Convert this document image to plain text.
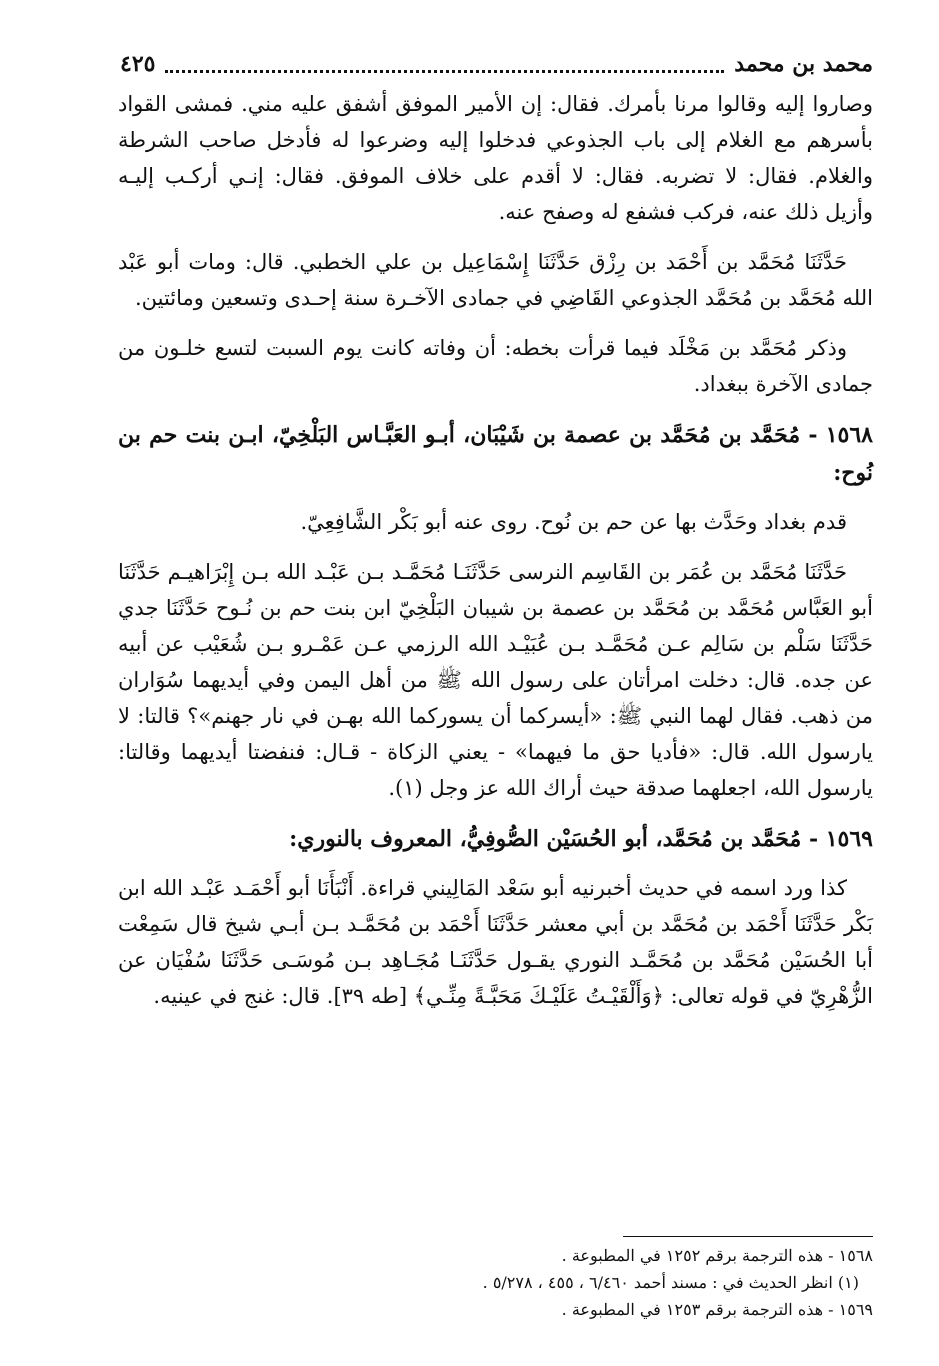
محمد بن محمد
٤٢٥

وصاروا إليه وقالوا مرنا بأمرك. فقال: إن الأمير الموفق أشفق عليه مني. فمشى القواد بأسرهم مع الغلام إلى باب الجذوعي فدخلوا إليه وضرعوا له فأدخل صاحب الشرطة والغلام. فقال: لا تضربه. فقال: لا أقدم على خلاف الموفق. فقال: إنـي أركـب إليـه وأزيل ذلك عنه، فركب فشفع له وصفح عنه.

حَدَّثَنَا مُحَمَّد بن أَحْمَد بن رِزْق حَدَّثَنَا إِسْمَاعِيل بن علي الخطبي. قال: ومات أبو عَبْد الله مُحَمَّد بن مُحَمَّد الجذوعي القَاضِي في جمادى الآخـرة سنة إحـدى وتسعين ومائتين.

وذكر مُحَمَّد بن مَخْلَد فيما قرأت بخطه: أن وفاته كانت يوم السبت لتسع خلـون من جمادى الآخرة ببغداد.

١٥٦٨ - مُحَمَّد بن مُحَمَّد بن عصمة بن شَيْبَان، أبـو العَبَّـاس البَلْخِيّ، ابـن بنت حم بن نُوح:

قدم بغداد وحَدَّث بها عن حم بن نُوح. روى عنه أبو بَكْر الشَّافِعِيّ.

حَدَّثَنَا مُحَمَّد بن عُمَر بن القَاسِم النرسى حَدَّثَنَـا مُحَمَّـد بـن عَبْـد الله بـن إِبْرَاهيـم حَدَّثَنَا أبو العَبَّاس مُحَمَّد بن مُحَمَّد بن عصمة بن شيبان البَلْخِيّ ابن بنت حم بن نُـوح حَدَّثَنَا جدي حَدَّثَنَا سَلْم بن سَالِم عـن مُحَمَّـد بـن عُبَيْـد الله الرزمي عـن عَمْـرو بـن شُعَيْب عن أبيه عن جده. قال: دخلت امرأتان على رسول الله ﷺ من أهل اليمن وفي أيديهما سُوَاران من ذهب. فقال لهما النبي ﷺ: «أيسركما أن يسوركما الله بهـن في نار جهنم»؟ قالتا: لا يارسول الله. قال: «فأديا حق ما فيهما» - يعني الزكاة - قـال: فنفضتا أيديهما وقالتا: يارسول الله، اجعلهما صدقة حيث أراك الله عز وجل (١).

١٥٦٩ - مُحَمَّد بن مُحَمَّد، أبو الحُسَيْن الصُّوفِيُّ، المعروف بالنوري:

كذا ورد اسمه في حديث أخبرنيه أبو سَعْد المَالِيني قراءة. أَنْبَأَنَا أبو أَحْمَـد عَبْـد الله ابن بَكْر حَدَّثَنَا أَحْمَد بن مُحَمَّد بن أبي معشر حَدَّثَنَا أَحْمَد بن مُحَمَّـد بـن أبـي شيخ قال سَمِعْت أبا الحُسَيْن مُحَمَّد بن مُحَمَّـد النوري يقـول حَدَّثَنَـا مُجَـاهِد بـن مُوسَـى حَدَّثَنَا سُفْيَان عن الزُّهْرِيّ في قوله تعالى: ﴿وَأَلْقَيْـتُ عَلَيْـكَ مَحَبَّـةً مِنِّـي﴾ [طه ٣٩]. قال: غنج في عينيه.

١٥٦٨ - هذه الترجمة برقم ١٢٥٢ في المطبوعة .
(١) انظر الحديث في : مسند أحمد ٦/٤٦٠ ، ٤٥٥ ، ٥/٢٧٨ .
١٥٦٩ - هذه الترجمة برقم ١٢٥٣ في المطبوعة .
